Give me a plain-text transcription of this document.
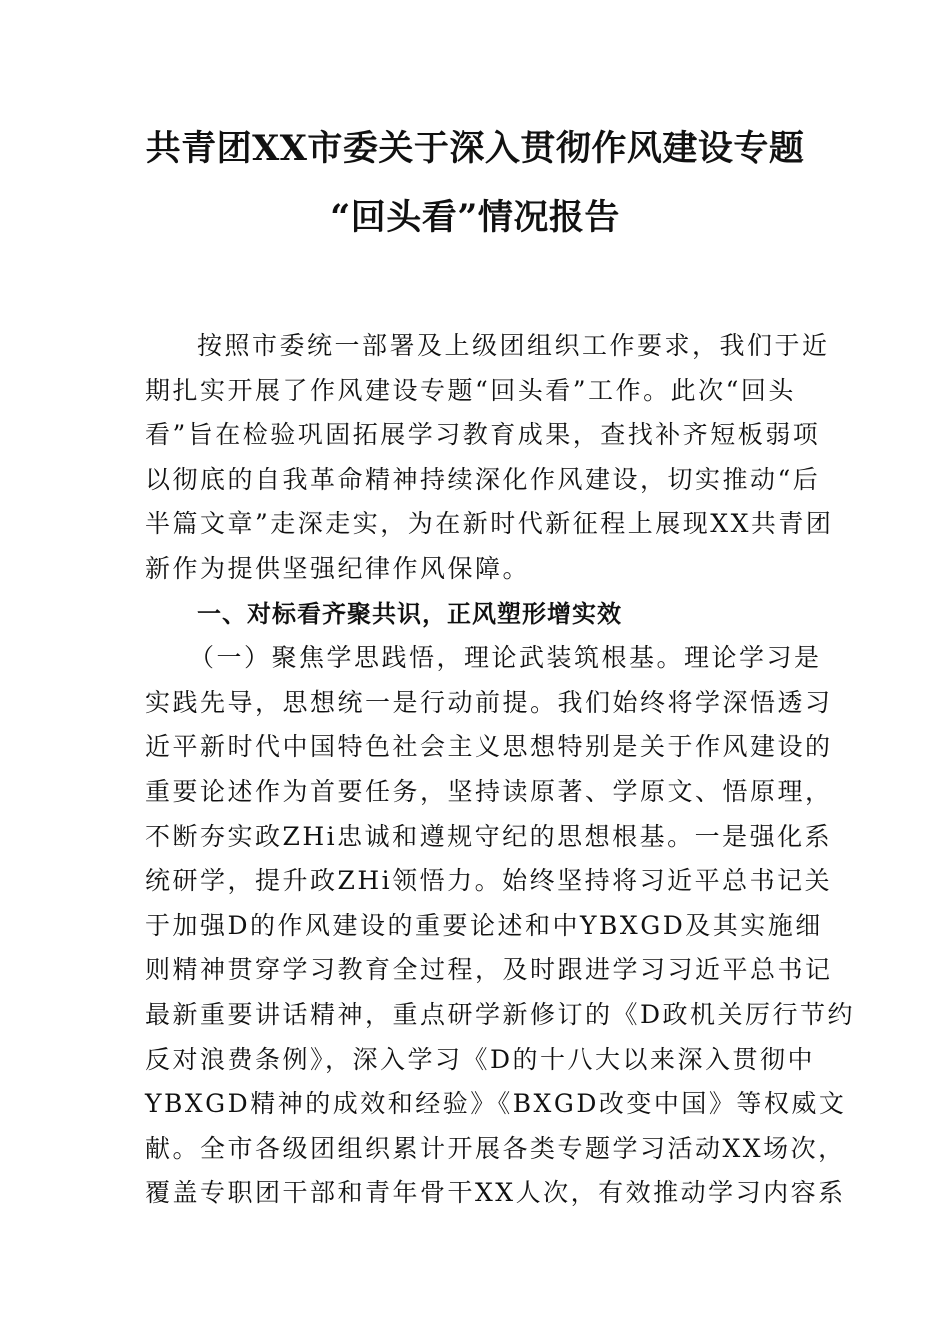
共青团XX市委关于深入贯彻作风建设专题
“回头看”情况报告
按照市委统一部署及上级团组织工作要求，我们于近
期扎实开展了作风建设专题“回头看”工作。此次“回头
看”旨在检验巩固拓展学习教育成果，查找补齐短板弱项
以彻底的自我革命精神持续深化作风建设，切实推动“后
半篇文章”走深走实，为在新时代新征程上展现XX共青团
新作为提供坚强纪律作风保障。
一、对标看齐聚共识，正风塑形增实效
（一）聚焦学思践悟，理论武装筑根基。理论学习是
实践先导，思想统一是行动前提。我们始终将学深悟透习
近平新时代中国特色社会主义思想特别是关于作风建设的
重要论述作为首要任务，坚持读原著、学原文、悟原理，
不断夯实政ZHi忠诚和遵规守纪的思想根基。一是强化系
统研学，提升政ZHi领悟力。始终坚持将习近平总书记关
于加强D的作风建设的重要论述和中YBXGD及其实施细
则精神贯穿学习教育全过程，及时跟进学习习近平总书记
最新重要讲话精神，重点研学新修订的《D政机关厉行节约
反对浪费条例》，深入学习《D的十八大以来深入贯彻中
YBXGD精神的成效和经验》《BXGD改变中国》等权威文
献。全市各级团组织累计开展各类专题学习活动XX场次，
覆盖专职团干部和青年骨干XX人次，有效推动学习内容系
